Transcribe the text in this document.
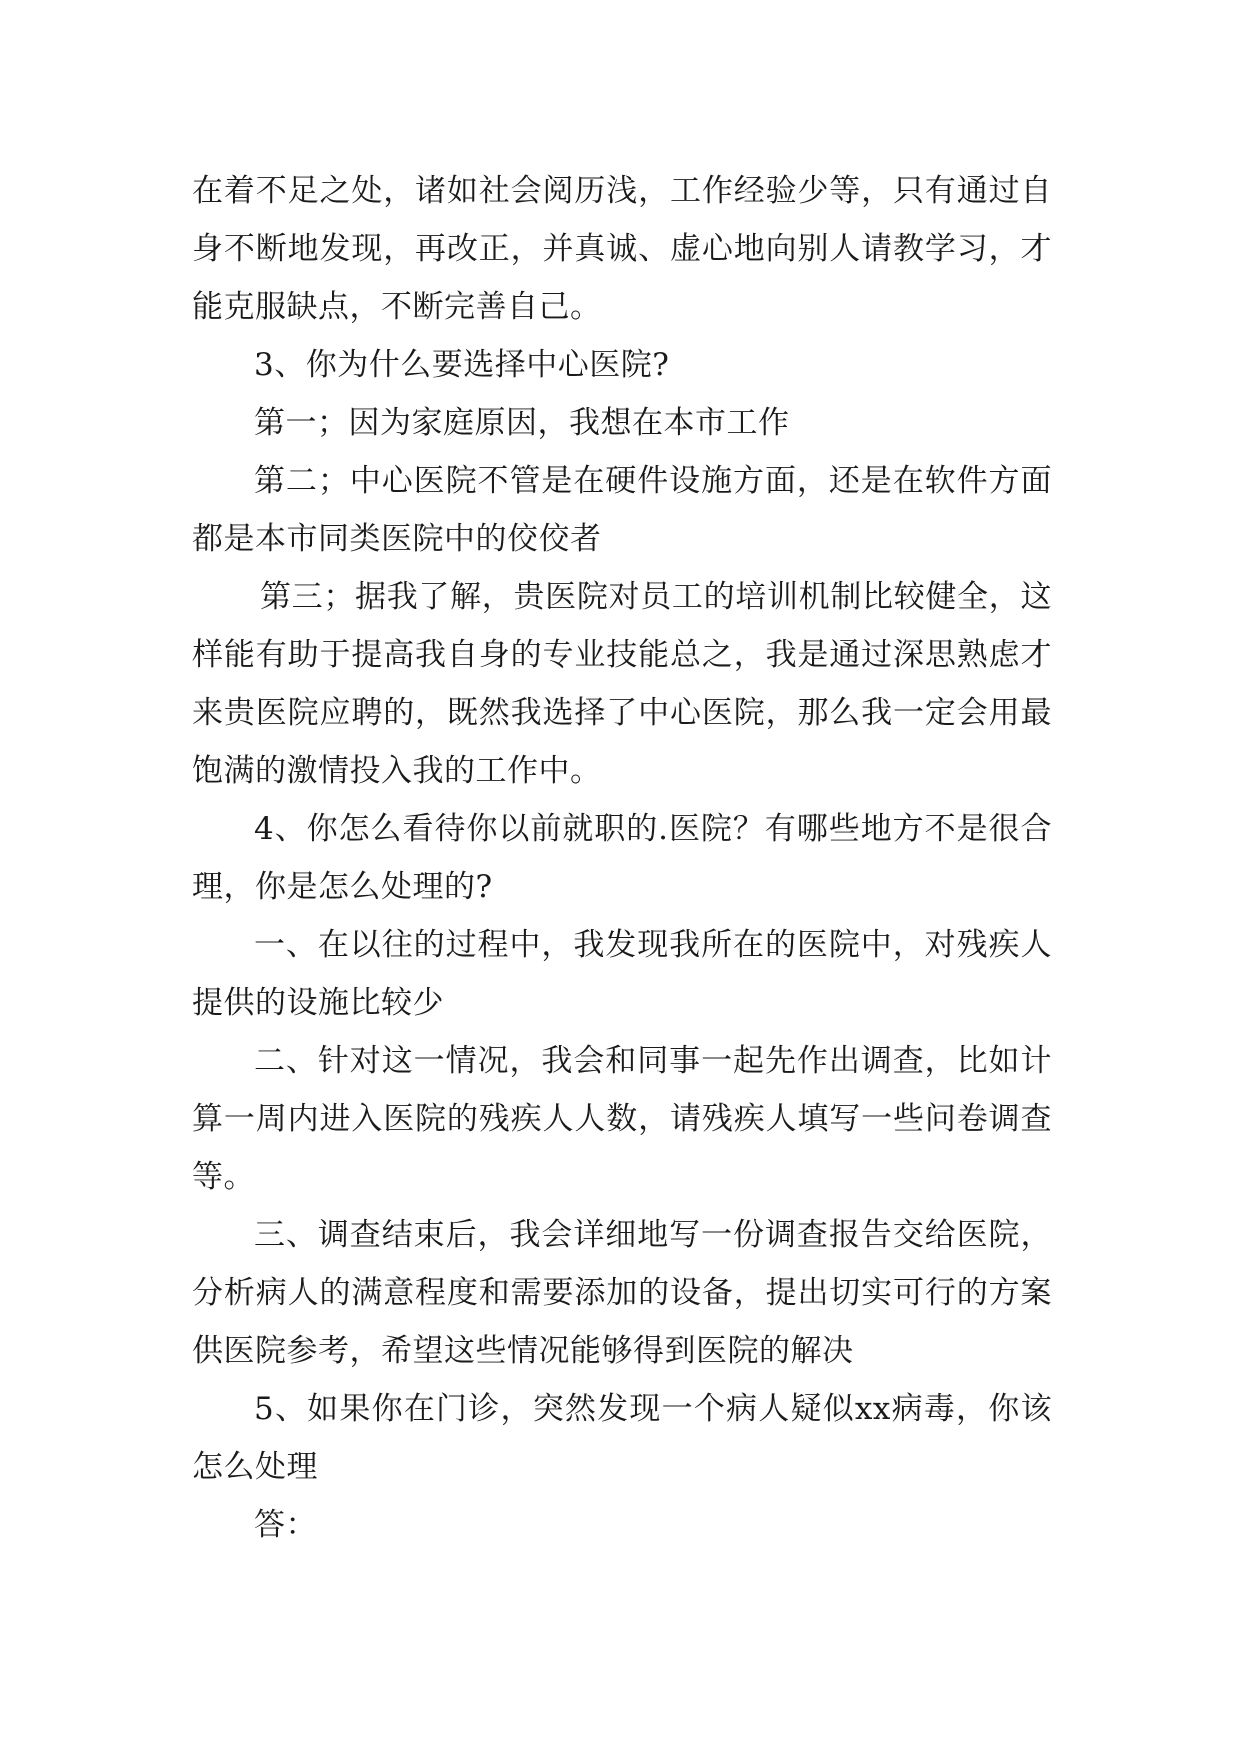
在着不足之处，诸如社会阅历浅，工作经验少等，只有通过自身不断地发现，再改正，并真诚、虚心地向别人请教学习，才能克服缺点，不断完善自己。

3、你为什么要选择中心医院?

第一；因为家庭原因，我想在本市工作

第二；中心医院不管是在硬件设施方面，还是在软件方面都是本市同类医院中的佼佼者

第三；据我了解，贵医院对员工的培训机制比较健全，这样能有助于提高我自身的专业技能总之，我是通过深思熟虑才来贵医院应聘的，既然我选择了中心医院，那么我一定会用最饱满的激情投入我的工作中。

4、你怎么看待你以前就职的.医院？有哪些地方不是很合理，你是怎么处理的?

一、在以往的过程中，我发现我所在的医院中，对残疾人提供的设施比较少

二、针对这一情况，我会和同事一起先作出调查，比如计算一周内进入医院的残疾人人数，请残疾人填写一些问卷调查等。

三、调查结束后，我会详细地写一份调查报告交给医院，分析病人的满意程度和需要添加的设备，提出切实可行的方案供医院参考，希望这些情况能够得到医院的解决

5、如果你在门诊，突然发现一个病人疑似xx病毒，你该怎么处理

答：
